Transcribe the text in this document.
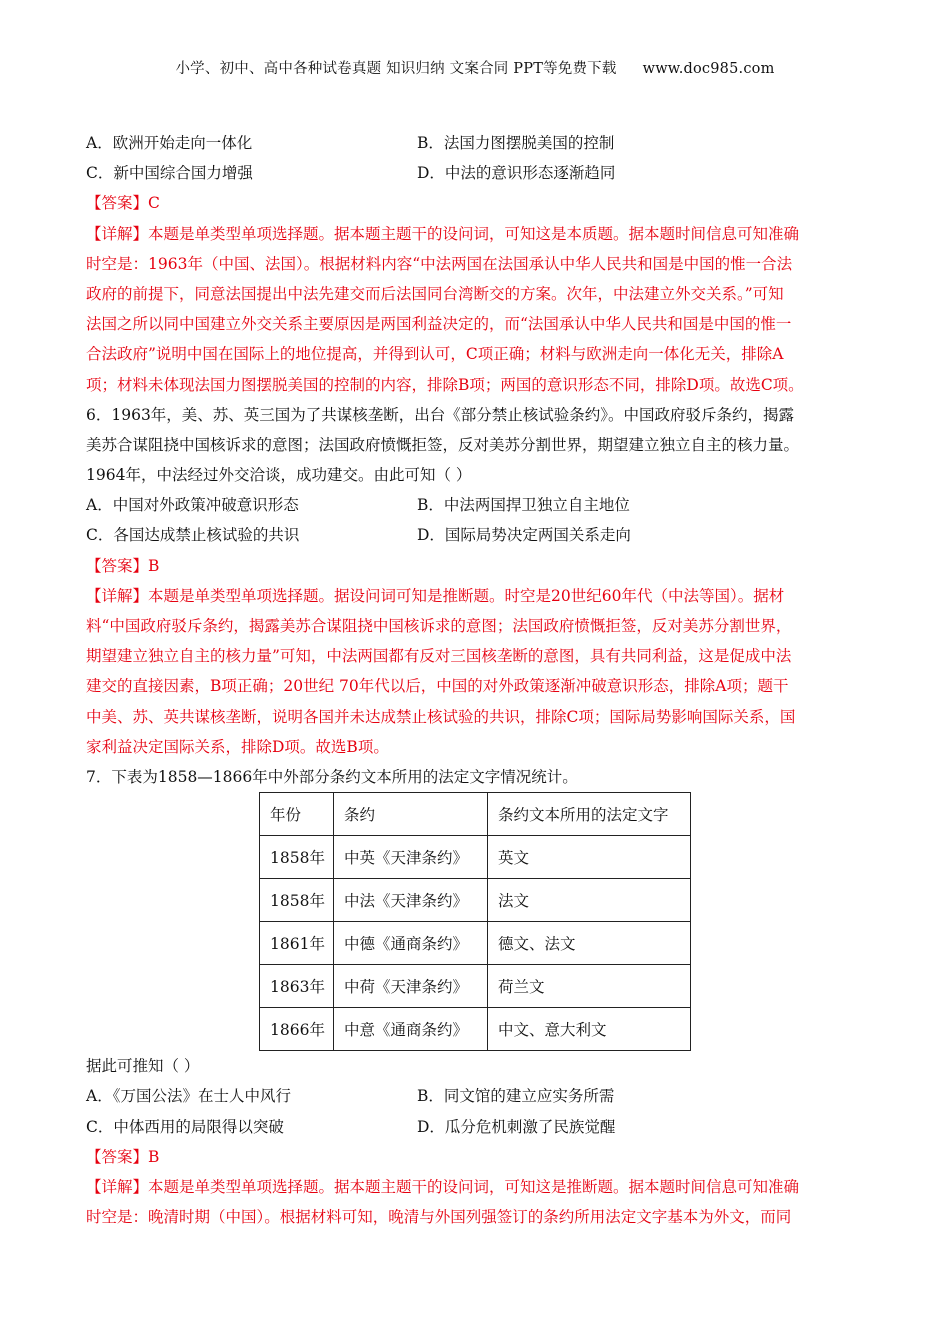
小学、初中、高中各种试卷真题 知识归纳 文案合同 PPT等免费下载 www.doc985.com
A．欧洲开始走向一体化	B．法国力图摆脱美国的控制
C．新中国综合国力增强	D．中法的意识形态逐渐趋同
【答案】C
【详解】本题是单类型单项选择题。据本题主题干的设问词，可知这是本质题。据本题时间信息可知准确
时空是：1963年（中国、法国）。根据材料内容“中法两国在法国承认中华人民共和国是中国的惟一合法
政府的前提下，同意法国提出中法先建交而后法国同台湾断交的方案。次年，中法建立外交关系。”可知
法国之所以同中国建立外交关系主要原因是两国利益决定的，而“法国承认中华人民共和国是中国的惟一
合法政府”说明中国在国际上的地位提高，并得到认可，C项正确；材料与欧洲走向一体化无关，排除A
项；材料未体现法国力图摆脱美国的控制的内容，排除B项；两国的意识形态不同，排除D项。故选C项。
6．1963年，美、苏、英三国为了共谋核垄断，出台《部分禁止核试验条约》。中国政府驳斥条约，揭露
美苏合谋阻挠中国核诉求的意图；法国政府愤慨拒签，反对美苏分割世界，期望建立独立自主的核力量。
1964年，中法经过外交洽谈，成功建交。由此可知（ ）
A．中国对外政策冲破意识形态	B．中法两国捍卫独立自主地位
C．各国达成禁止核试验的共识	D．国际局势决定两国关系走向
【答案】B
【详解】本题是单类型单项选择题。据设问词可知是推断题。时空是20世纪60年代（中法等国）。据材
料“中国政府驳斥条约，揭露美苏合谋阻挠中国核诉求的意图；法国政府愤慨拒签，反对美苏分割世界，
期望建立独立自主的核力量”可知，中法两国都有反对三国核垄断的意图，具有共同利益，这是促成中法
建交的直接因素，B项正确；20世纪 70年代以后，中国的对外政策逐渐冲破意识形态，排除A项；题干
中美、苏、英共谋核垄断，说明各国并未达成禁止核试验的共识，排除C项；国际局势影响国际关系，国
家利益决定国际关系，排除D项。故选B项。
7．下表为1858—1866年中外部分条约文本所用的法定文字情况统计。
年份	条约	条约文本所用的法定文字
1858年	中英《天津条约》	英文
1858年	中法《天津条约》	法文
1861年	中德《通商条约》	德文、法文
1863年	中荷《天津条约》	荷兰文
1866年	中意《通商条约》	中文、意大利文
据此可推知（ ）
A．《万国公法》在士人中风行	B．同文馆的建立应实务所需
C．中体西用的局限得以突破	D．瓜分危机刺激了民族觉醒
【答案】B
【详解】本题是单类型单项选择题。据本题主题干的设问词，可知这是推断题。据本题时间信息可知准确
时空是：晚清时期（中国）。根据材料可知，晚清与外国列强签订的条约所用法定文字基本为外文，而同
